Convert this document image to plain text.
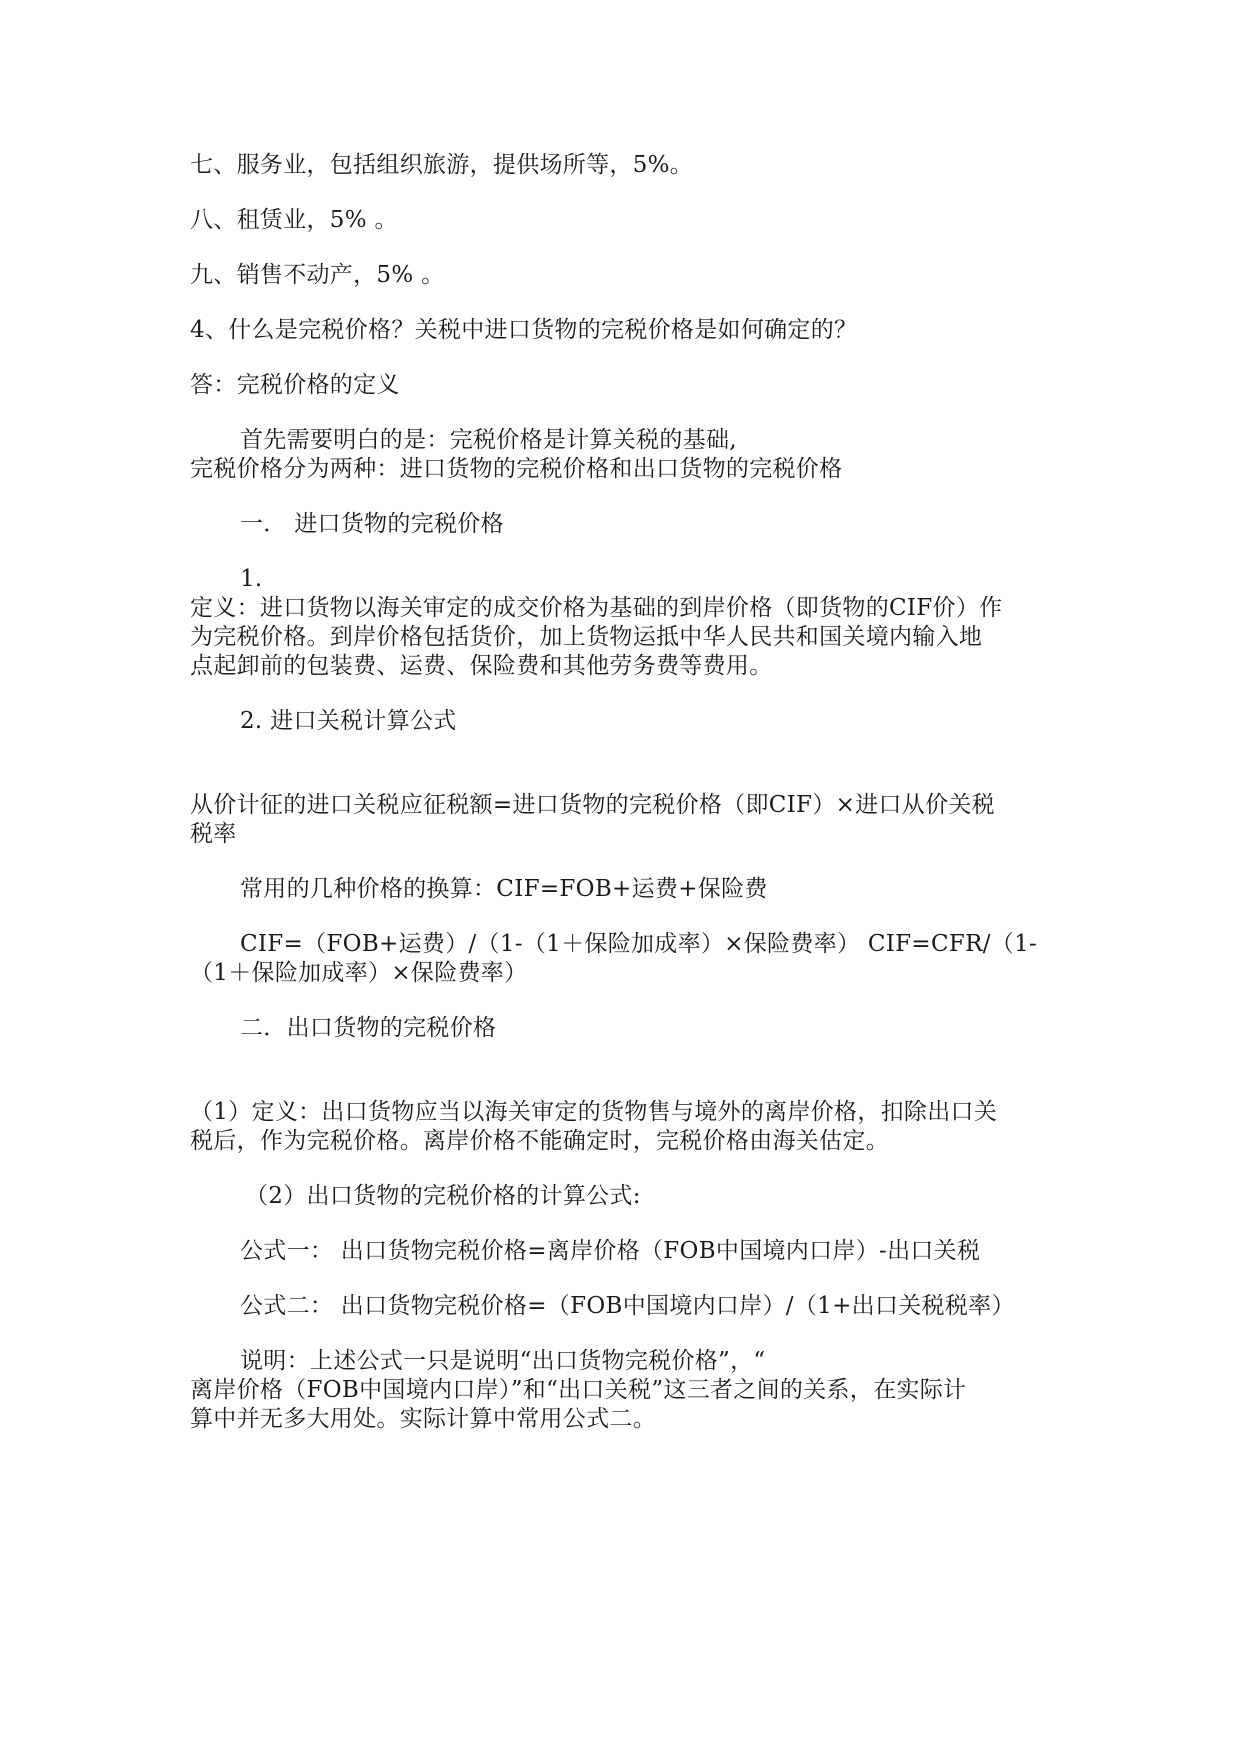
七、服务业，包括组织旅游，提供场所等，5%。
八、租赁业，5% 。
九、销售不动产，5% 。
4、什么是完税价格？关税中进口货物的完税价格是如何确定的？
答：完税价格的定义
首先需要明白的是：完税价格是计算关税的基础,
完税价格分为两种：进口货物的完税价格和出口货物的完税价格
一． 进口货物的完税价格
1.
定义：进口货物以海关审定的成交价格为基础的到岸价格（即货物的CIF价）作
为完税价格。到岸价格包括货价，加上货物运抵中华人民共和国关境内输入地
点起卸前的包装费、运费、保险费和其他劳务费等费用。
2. 进口关税计算公式
从价计征的进口关税应征税额=进口货物的完税价格（即CIF）×进口从价关税
税率
常用的几种价格的换算：CIF=FOB+运费+保险费
CIF=（FOB+运费）/（1-（1＋保险加成率）×保险费率） CIF=CFR/（1-
（1＋保险加成率）×保险费率）
二．出口货物的完税价格
（1）定义：出口货物应当以海关审定的货物售与境外的离岸价格，扣除出口关
税后，作为完税价格。离岸价格不能确定时，完税价格由海关估定。
（2）出口货物的完税价格的计算公式:
公式一： 出口货物完税价格=离岸价格（FOB中国境内口岸）-出口关税
公式二： 出口货物完税价格=（FOB中国境内口岸）/（1+出口关税税率）
说明：上述公式一只是说明“出口货物完税价格”，“
离岸价格（FOB中国境内口岸）”和“出口关税”这三者之间的关系，在实际计
算中并无多大用处。实际计算中常用公式二。
